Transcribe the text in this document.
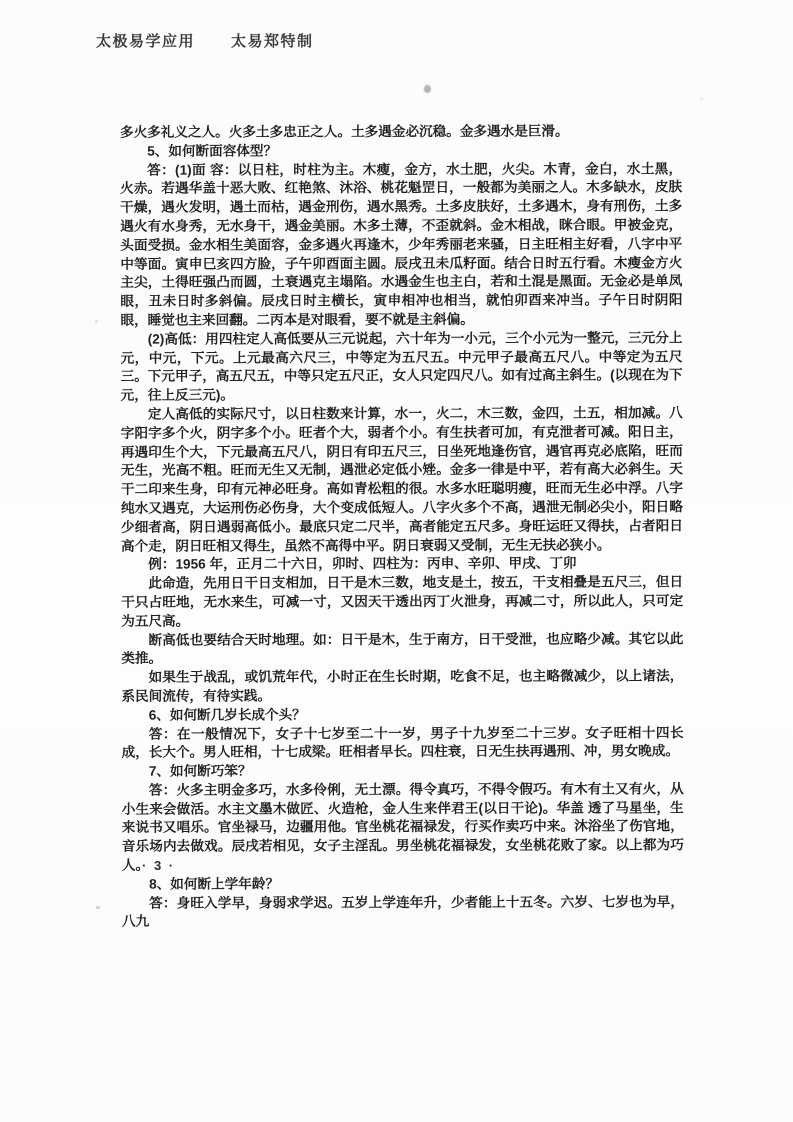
太极易学应用 太易郑特制

多火多礼义之人。火多土多忠正之人。土多遇金必沉稳。金多遇水是巨滑。

5、如何断面容体型？

答：(1)面 容：以日柱，时柱为主。木瘦，金方，水土肥，火尖。木青，金白，水土黑，火赤。若遇华盖十恶大败、红艳煞、沐浴、桃花魁罡日，一般都为美丽之人。木多缺水，皮肤干燥，遇火发明，遇土而枯，遇金刑伤，遇水黑秀。土多皮肤好，土多遇木，身有刑伤，土多遇火有水身秀，无水身干，遇金美丽。木多土薄，不歪就斜。金木相战，眯合眼。甲被金克，头面受损。金水相生美面容，金多遇火再逢木，少年秀丽老来骚，日主旺相主好看，八字中平中等面。寅申巳亥四方脸，子午卯酉面主圆。辰戌丑未瓜籽面。结合日时五行看。木瘦金方火主尖，土得旺强凸而圆，土衰遇克主塌陷。水遇金生也主白，若和土混是黑面。无金必是单凤眼，丑未日时多斜偏。辰戌日时主横长，寅申相冲也相当，就怕卯酉来冲当。子午日时阴阳眼，睡觉也主来回翻。二丙本是对眼看，要不就是主斜偏。

(2)高低：用四柱定人高低要从三元说起，六十年为一小元，三个小元为一整元，三元分上元，中元，下元。上元最高六尺三，中等定为五尺五。中元甲子最高五尺八。中等定为五尺三。下元甲子，高五尺五，中等只定五尺正，女人只定四尺八。如有过高主斜生。(以现在为下元，往上反三元)。

定人高低的实际尺寸，以日柱数来计算，水一，火二，木三数，金四，土五，相加减。八字阳字多个火，阴字多个小。旺者个大，弱者个小。有生扶者可加，有克泄者可减。阳日主，再遇印生个大，下元最高五尺八，阴日有印五尺三，日坐死地逢伤官，遇官再克必底陷，旺而无生，光高不粗。旺而无生又无制，遇泄必定低小矬。金多一律是中平，若有高大必斜生。天干二印来生身，印有元神必旺身。高如青松粗的很。水多水旺聪明瘦，旺而无生必中浮。八字纯水又遇克，大运刑伤必伤身，大个变成低短人。八字火多个不高，遇泄无制必尖小，阳日略少细者高，阴日遇弱高低小。最底只定二尺半，高者能定五尺多。身旺运旺又得扶，占者阳日高个走，阴日旺相又得生，虽然不高得中平。阴日衰弱又受制，无生无扶必狭小。

例：1956 年，正月二十六日，卯时、四柱为：丙申、辛卯、甲戌、丁卯

此命造，先用日干日支相加，日干是木三数，地支是土，按五，干支相叠是五尺三，但日干只占旺地，无水来生，可减一寸，又因天干透出丙丁火泄身，再减二寸，所以此人，只可定为五尺高。

断高低也要结合天时地理。如：日干是木，生于南方，日干受泄，也应略少减。其它以此类推。

如果生于战乱，或饥荒年代，小时正在生长时期，吃食不足，也主略微减少，以上诸法，系民间流传，有待实践。

6、如何断几岁长成个头？

答：在一般情况下，女子十七岁至二十一岁，男子十九岁至二十三岁。女子旺相十四长成，长大个。男人旺相，十七成梁。旺相者早长。四柱衰，日无生扶再遇刑、冲，男女晚成。

7、如何断巧笨？

答：火多主明金多巧，水多伶俐，无土漂。得令真巧，不得令假巧。有木有土又有火，从小生来会做活。水主文墨木做匠、火造枪，金人生来伴君王(以日干论)。华盖 透了马星坐，生来说书又唱乐。官坐禄马，边疆用他。官坐桃花福禄发，行买作卖巧中来。沐浴坐了伤官地，音乐场内去做戏。辰戌若相见，女子主淫乱。男坐桃花福禄发，女坐桃花败了家。以上都为巧人。

8、如何断上学年龄？

答：身旺入学早，身弱求学迟。五岁上学连年升，少者能上十五冬。六岁、七岁也为早，八九

· 3 ·
